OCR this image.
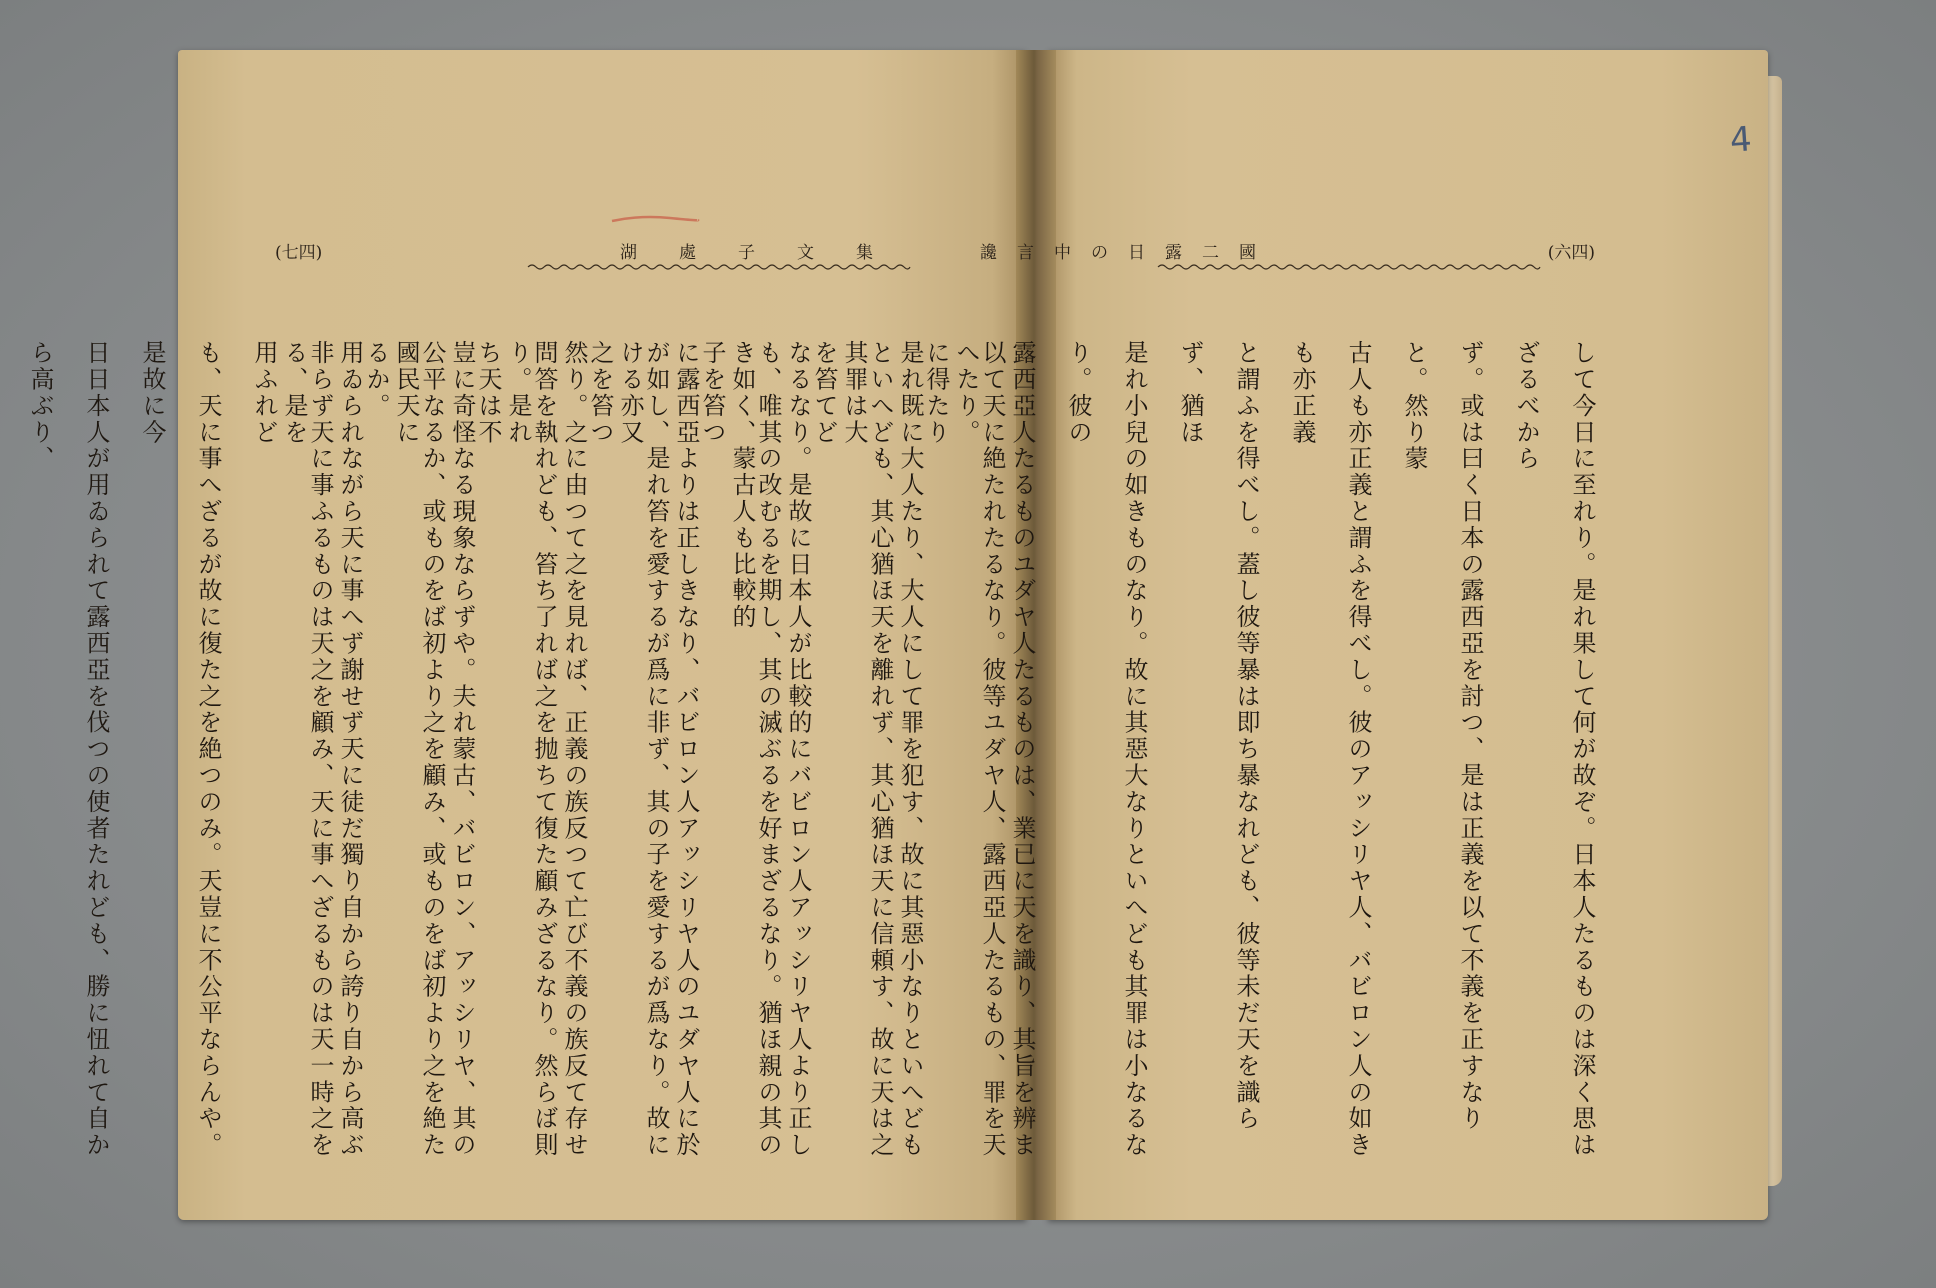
4
(七四)	湖處子文集	讒言中の日露二國	(六四)
して今日に至れり。是れ果して何が故ぞ。日本人たるものは深く思はざるべから
ず。或は曰く日本の露西亞を討つ、是は正義を以て不義を正すなりと。然り蒙
古人も亦正義と謂ふを得べし。彼のアッシリヤ人、バビロン人の如きも亦正義
と謂ふを得べし。蓋し彼等暴は即ち暴なれども、彼等未だ天を識らず、猶ほ
是れ小兒の如きものなり。故に其惡大なりといへども其罪は小なるなり。彼の
露西亞人たるものユダヤ人たるものは、業已に天を識り、其旨を辨まへたり。
是れ既に大人たり、大人にして罪を犯す、故に其惡小なりといへども其罪は大
なるなり。是故に日本人が比較的にバビロン人アッシリヤ人より正しき如く、蒙古人も比較的
に露西亞よりは正しきなり、バビロン人アッシリヤ人のユダヤ人に於ける亦又
然り。之に由つて之を見れば、正義の族反つて亡び不義の族反て存せり。是れ
豈に奇怪なる現象ならずや。夫れ蒙古、バビロン、アッシリヤ、其の國民天に
用ゐられながら天に事へず謝せず天に徒だ獨り自から誇り自から高ぶる、是を	以て天に絶たれたるなり。彼等ユダヤ人、露西亞人たるもの、罪を天に得たり
といへども、其心猶ほ天を離れず、其心猶ほ天に信頼す、故に天は之を笞てど
も、唯其の改むるを期し、其の滅ぶるを好まざるなり。猶ほ親の其の子を笞つ
が如し、是れ笞を愛するが爲に非ず、其の子を愛するが爲なり。故に之を笞つ
問答を執れども、笞ち了れば之を抛ちて復た顧みざるなり。然らば則ち天は不
公平なるか、或ものをば初より之を顧み、或ものをば初より之を絶たるか。
非らず天に事ふるものは天之を顧み、天に事へざるものは天一時之を用ふれど
も、天に事へざるが故に復た之を絶つのみ。天豈に不公平ならんや。是故に今
日日本人が用ゐられて露西亞を伐つの使者たれども、勝に忸れて自から高ぶり、
